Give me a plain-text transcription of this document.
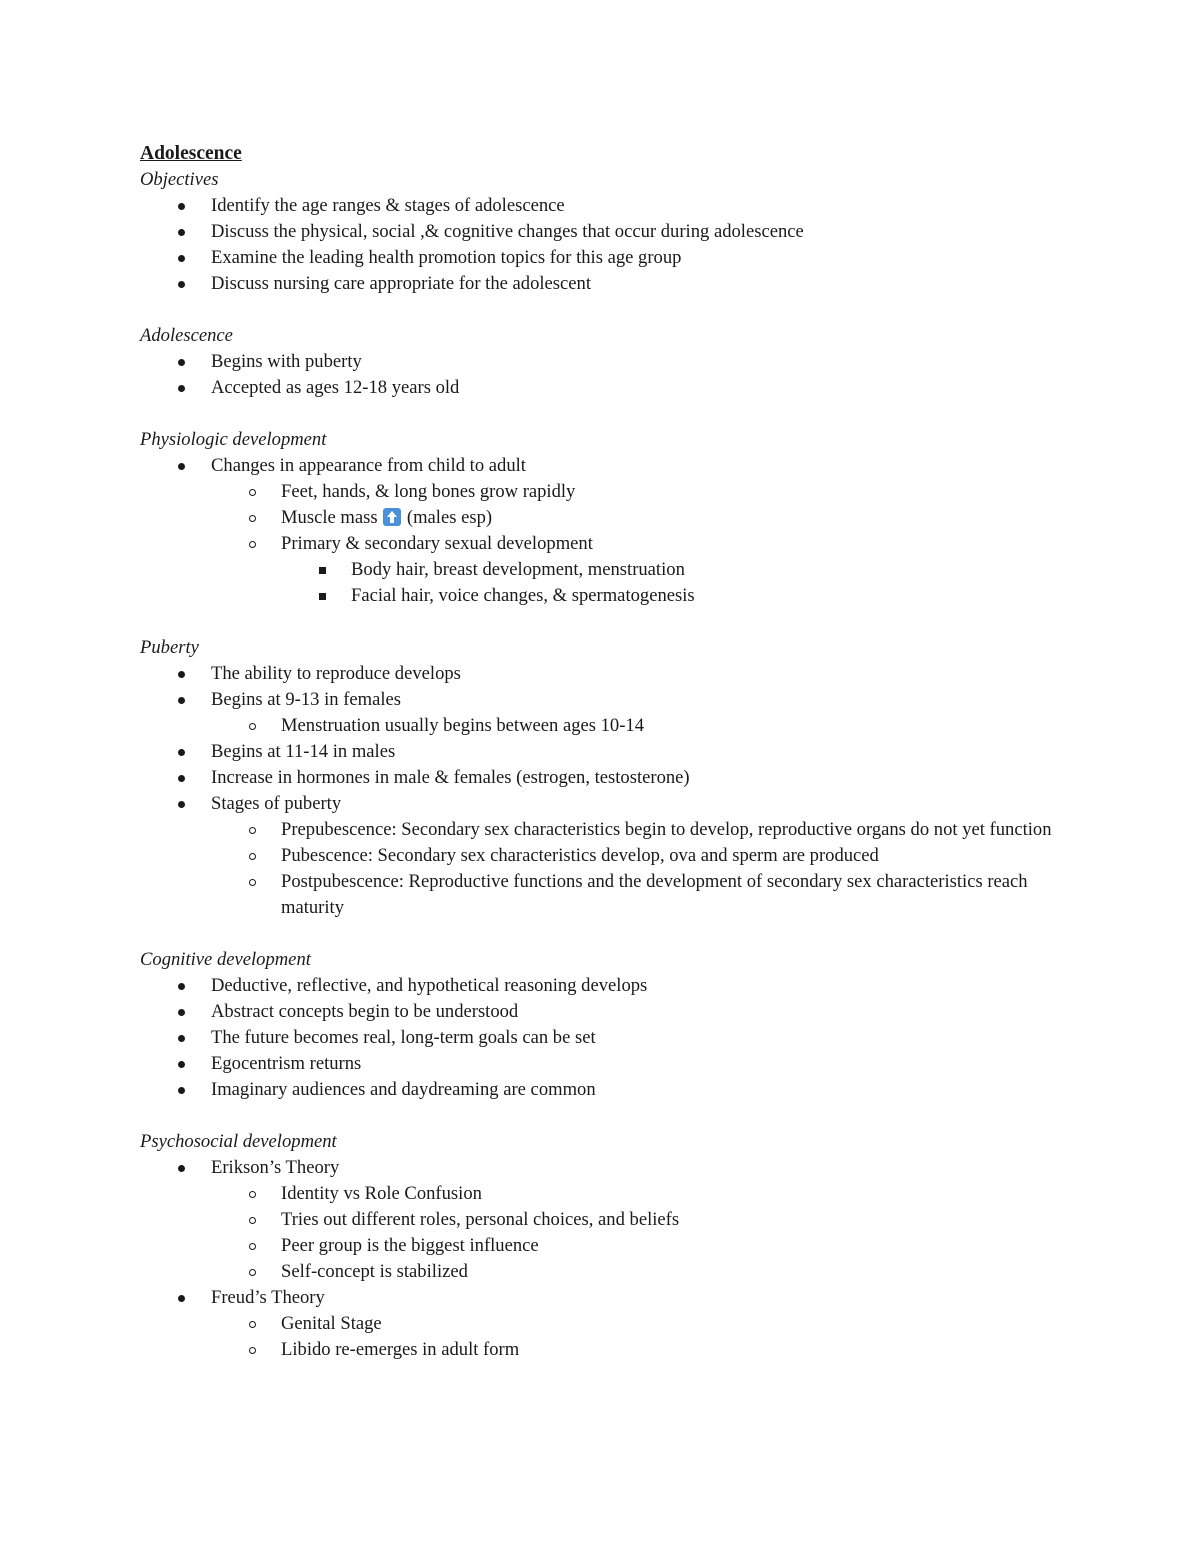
Adolescence
Objectives
Identify the age ranges & stages of adolescence
Discuss the physical, social ,& cognitive changes that occur during adolescence
Examine the leading health promotion topics for this age group
Discuss nursing care appropriate for the adolescent
Adolescence
Begins with puberty
Accepted as ages 12-18 years old
Physiologic development
Changes in appearance from child to adult
Feet, hands, & long bones grow rapidly
Muscle mass  (males esp)
Primary & secondary sexual development
Body hair, breast development, menstruation
Facial hair, voice changes, & spermatogenesis
Puberty
The ability to reproduce develops
Begins at 9-13 in females
Menstruation usually begins between ages 10-14
Begins at 11-14 in males
Increase in hormones in male & females (estrogen, testosterone)
Stages of puberty
Prepubescence: Secondary sex characteristics begin to develop, reproductive organs do not yet function
Pubescence: Secondary sex characteristics develop, ova and sperm are produced
Postpubescence: Reproductive functions and the development of secondary sex characteristics reach maturity
Cognitive development
Deductive, reflective, and hypothetical reasoning develops
Abstract concepts begin to be understood
The future becomes real, long-term goals can be set
Egocentrism returns
Imaginary audiences and daydreaming are common
Psychosocial development
Erikson’s Theory
Identity vs Role Confusion
Tries out different roles, personal choices, and beliefs
Peer group is the biggest influence
Self-concept is stabilized
Freud’s Theory
Genital Stage
Libido re-emerges in adult form
